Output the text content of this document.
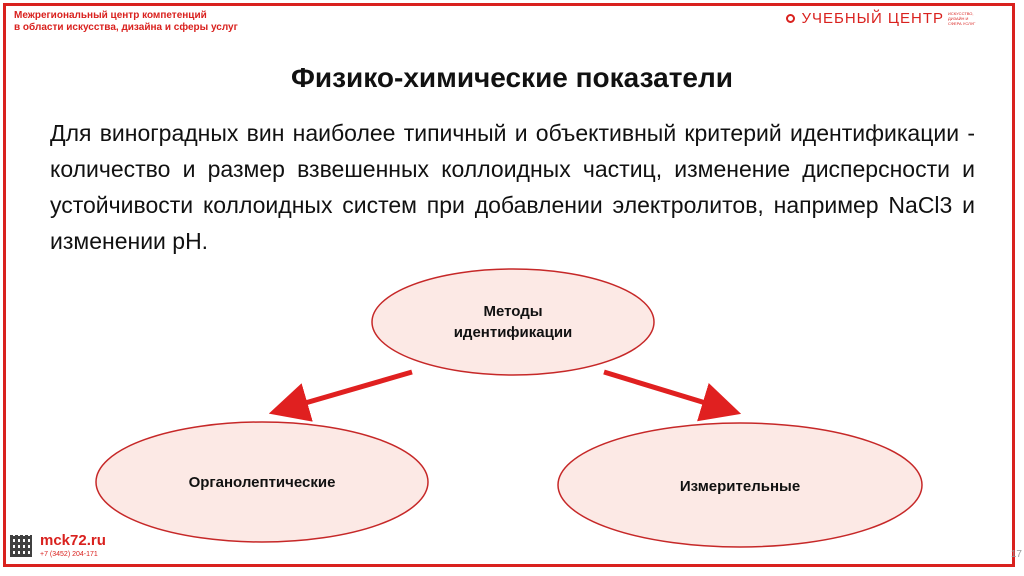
Межрегиональный центр компетенций
в области искусства, дизайна и сферы услуг
УЧЕБНЫЙ ЦЕНТР ИСКУССТВО, ДИЗАЙН И СФЕРА УСЛУГ
Физико-химические показатели

Для виноградных вин наиболее типичный и объективный критерий идентификации - количество и размер взвешенных коллоидных частиц, изменение дисперсности и устойчивости коллоидных систем при добавлении электролитов, например NaCl3 и изменении pH.

Методы
идентификации
Органолептические	Измерительные
mck72.ru
+7 (3452) 204-171	17
